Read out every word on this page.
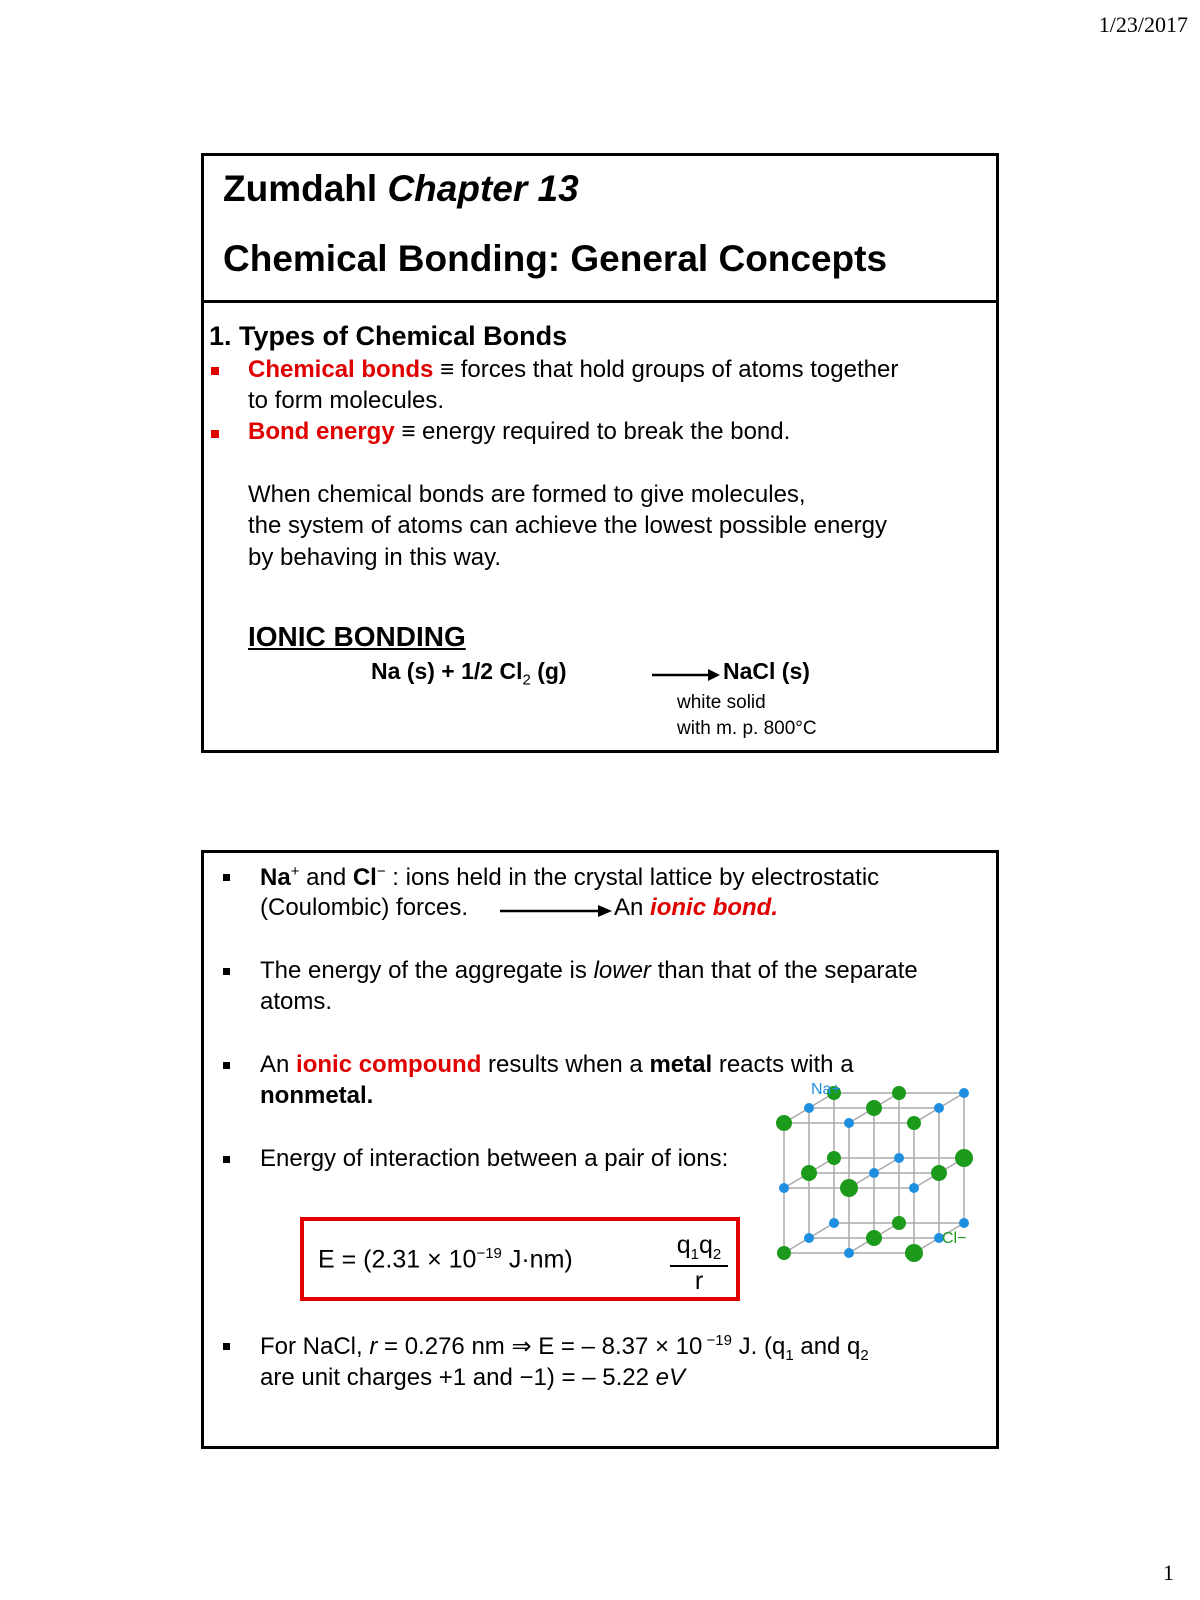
1/23/2017
Zumdahl Chapter 13
Chemical Bonding: General Concepts
1. Types of Chemical Bonds
Chemical bonds ≡ forces that hold groups of atoms together
to form molecules.
Bond energy ≡ energy required to break the bond.
When chemical bonds are formed to give molecules,
the system of atoms can achieve the lowest possible energy
by behaving in this way.
IONIC BONDING
Na (s) + 1/2 $Cl_2$ (g)	NaCl (s)
white solid
with m. p. 800°C
Na+ and Cl− : ions held in the crystal lattice by electrostatic
(Coulombic) forces.	An ionic bond.
The energy of the aggregate is lower than that of the separate
atoms.
An ionic compound results when a metal reacts with a
nonmetal.
Energy of interaction between a pair of ions:
$E = (2.31 \times 10^{-19}$ J·nm)	$\frac{q_1q_2}{r}$
Na+
Cl−
For NaCl, r = 0.276 nm ⇒ E = – 8.37 × 10 $^{-19}$ J. ($q_1$ and $q_2$
are unit charges +1 and −1) = – 5.22 eV
1
